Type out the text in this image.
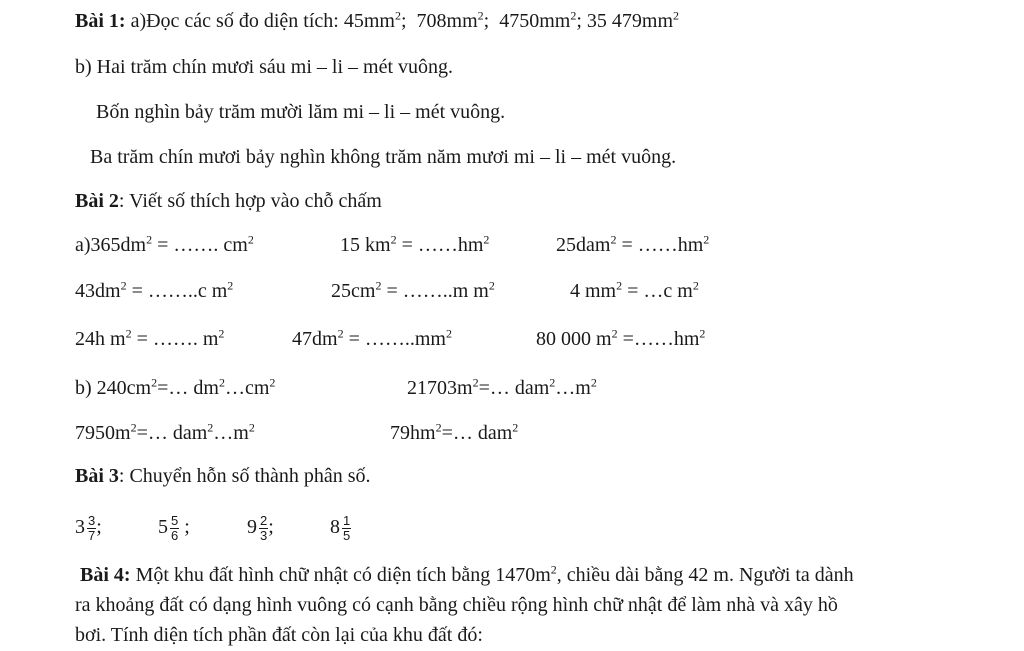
Bài 1: a)Đọc các số đo diện tích: $45mm^2$; $708mm^2$; $4750mm^2$; 35 $479mm^2$
b) Hai trăm chín mươi sáu mi – li – mét vuông.
Bốn nghìn bảy trăm mười lăm mi – li – mét vuông.
Ba trăm chín mươi bảy nghìn không trăm năm mươi mi – li – mét vuông.
Bài 2: Viết số thích hợp vào chỗ chấm
$a)365dm^2$ = ……. $cm^2$	15 $km^2$ = $\dots\dots hm^2$	$25dam^2 = \dots\dots hm^2$
$43dm^2$ = ……..c $m^2$	$25cm^2$ = ……..m $m^2$	4 $mm^2$ = …c $m^2$
24h $m^2$ = ……. $m^2$	$47dm^2$ = $\dots\dots..mm^2$	80 000 $m^2$ $=\dots\dots hm^2$
b) $240cm^2=\dots$ $dm^2\dots cm^2$	$21703m^2=\dots$ $dam^2\dots m^2$
$7950m^2=\dots$ $dam^2\dots m^2$	$79hm^2=\dots$ dam$^2$
Bài 3: Chuyển hỗn số thành phân số.
$3 \frac{3}{7}$ ;	$5 \frac{5}{6}$ ;	$9 \frac{2}{3}$ ;	$8 \frac{1}{5}$
Bài 4: Một khu đất hình chữ nhật có diện tích bằng $1470m^2$, chiều dài bằng 42 m. Người ta dành
ra khoảng đất có dạng hình vuông có cạnh bằng chiều rộng hình chữ nhật để làm nhà và xây hồ
bơi. Tính diện tích phần đất còn lại của khu đất đó:
